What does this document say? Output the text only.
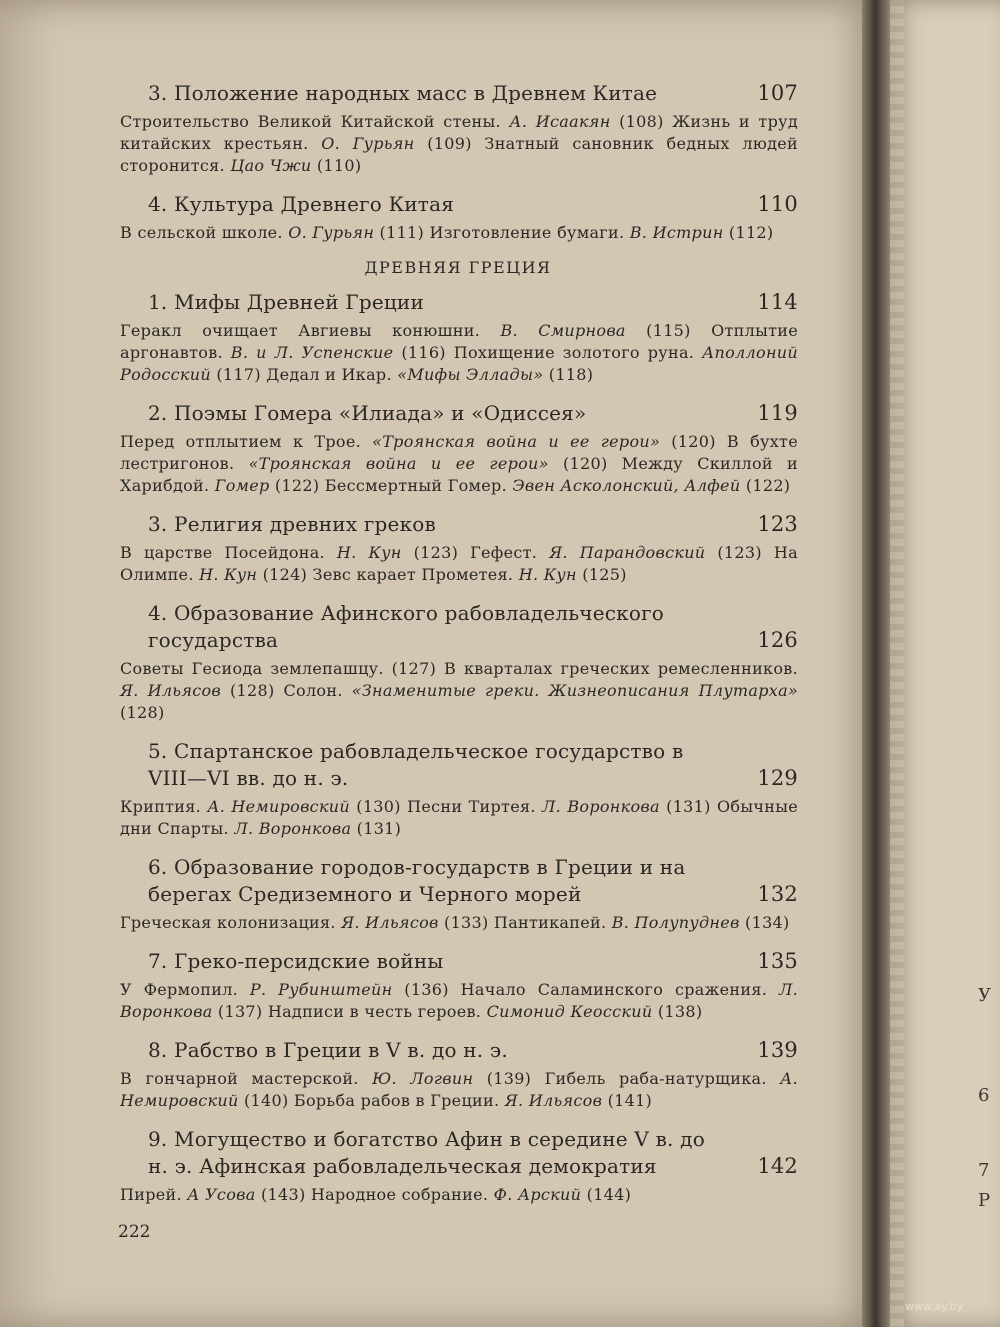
3. Положение народных масс в Древнем Китае	107
Строительство Великой Китайской стены. А. Исаакян (108) Жизнь и труд китайских крестьян. О. Гурьян (109) Знатный сановник бедных людей сторонится. Цао Чжи (110)
4. Культура Древнего Китая	110
В сельской школе. О. Гурьян (111) Изготовление бумаги. В. Истрин (112)
ДРЕВНЯЯ ГРЕЦИЯ
1. Мифы Древней Греции	114
Геракл очищает Авгиевы конюшни. В. Смирнова (115) Отплытие аргонавтов. В. и Л. Успенские (116) Похищение золотого руна. Аполлоний Родосский (117) Дедал и Икар. «Мифы Эллады» (118)
2. Поэмы Гомера «Илиада» и «Одиссея»	119
Перед отплытием к Трое. «Троянская война и ее герои» (120) В бухте лестригонов. «Троянская война и ее герои» (120) Между Скиллой и Харибдой. Гомер (122) Бессмертный Гомер. Эвен Асколонский, Алфей (122)
3. Религия древних греков	123
В царстве Посейдона. Н. Кун (123) Гефест. Я. Парандовский (123) На Олимпе. Н. Кун (124) Зевс карает Прометея. Н. Кун (125)
4. Образование Афинского рабовладельческого государства	126
Советы Гесиода землепашцу. (127) В кварталах греческих ремесленников. Я. Ильясов (128) Солон. «Знаменитые греки. Жизнеописания Плутарха» (128)
5. Спартанское рабовладельческое государство в VIII—VI вв. до н. э.	129
Криптия. А. Немировский (130) Песни Тиртея. Л. Воронкова (131) Обычные дни Спарты. Л. Воронкова (131)
6. Образование городов-государств в Греции и на берегах Средиземного и Черного морей	132
Греческая колонизация. Я. Ильясов (133) Пантикапей. В. Полупуднев (134)
7. Греко-персидские войны	135
У Фермопил. Р. Рубинштейн (136) Начало Саламинского сражения. Л. Воронкова (137) Надписи в честь героев. Симонид Кеосский (138)
8. Рабство в Греции в V в. до н. э.	139
В гончарной мастерской. Ю. Логвин (139) Гибель раба-натурщика. А. Немировский (140) Борьба рабов в Греции. Я. Ильясов (141)
9. Могущество и богатство Афин в середине V в. до н. э. Афинская рабовладельческая демократия	142
Пирей. А Усова (143) Народное собрание. Ф. Арский (144)
222
У
6
7
Р
www.ay.by
